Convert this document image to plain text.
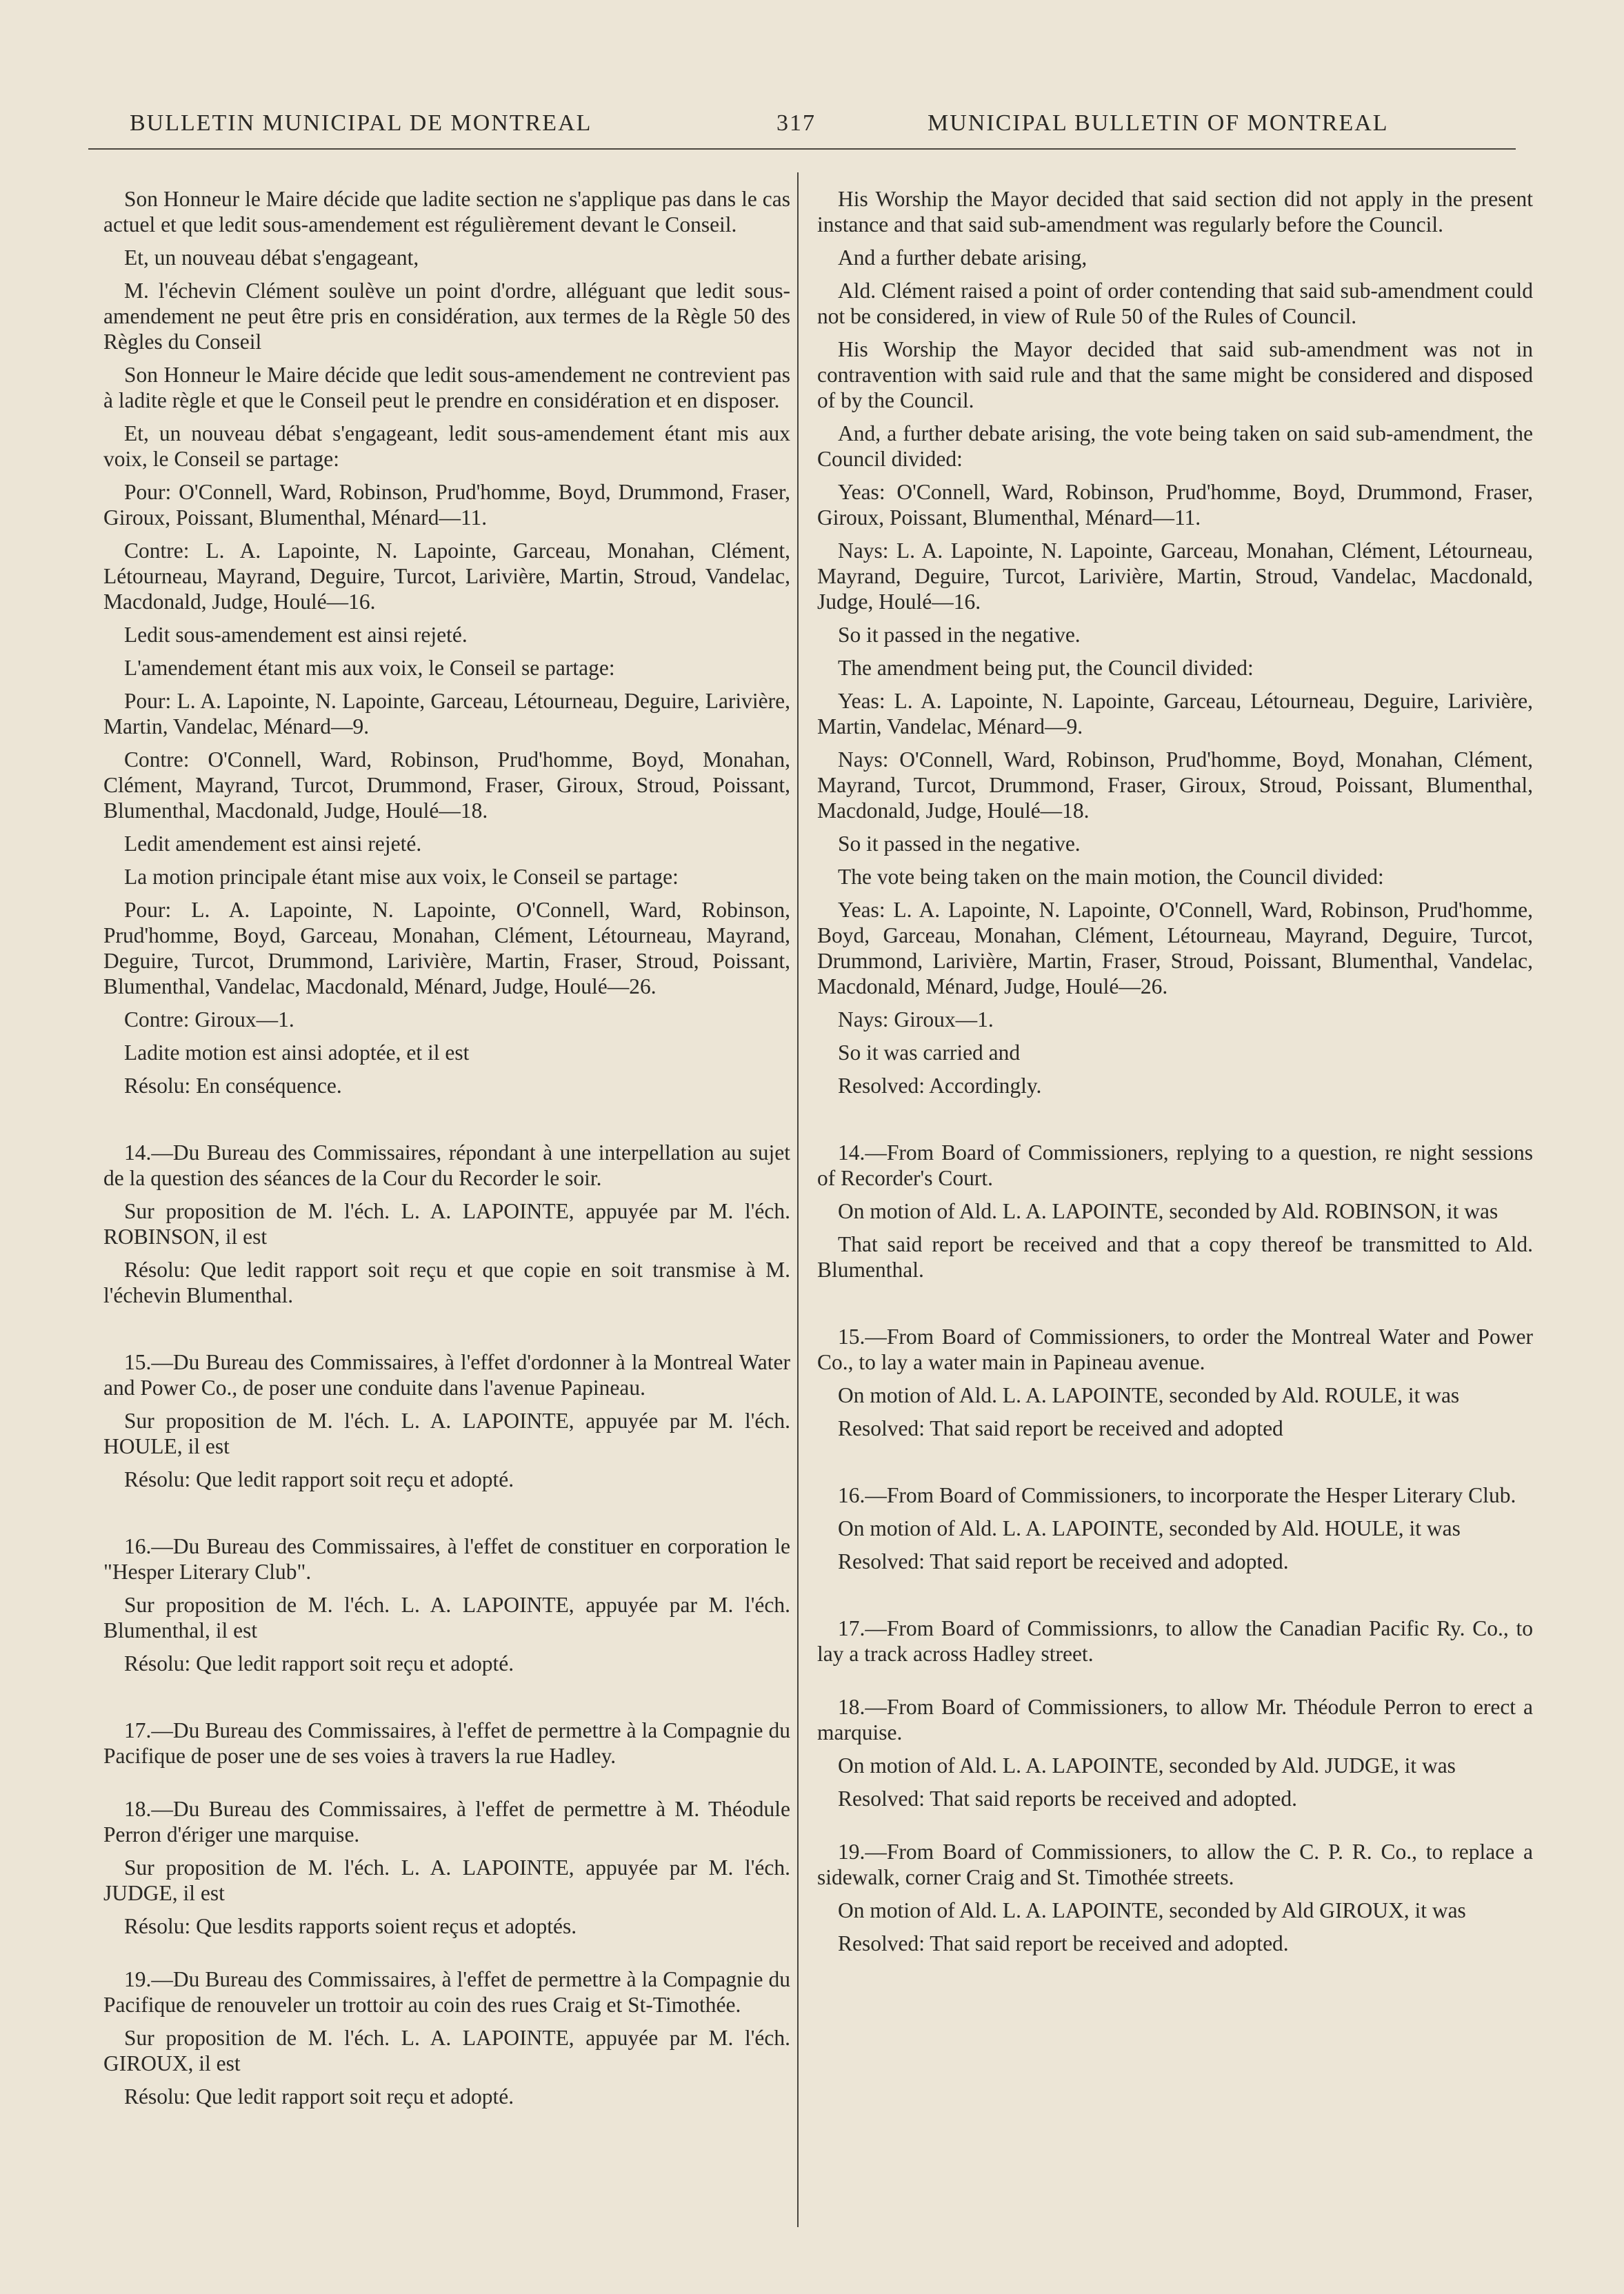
BULLETIN MUNICIPAL DE MONTREAL	317	MUNICIPAL BULLETIN OF MONTREAL

Son Honneur le Maire décide que ladite section ne s'applique pas dans le cas actuel et que ledit sous-amendement est régulièrement devant le Conseil.

Et, un nouveau débat s'engageant,

M. l'échevin Clément soulève un point d'ordre, alléguant que ledit sous-amendement ne peut être pris en considération, aux termes de la Règle 50 des Règles du Conseil

Son Honneur le Maire décide que ledit sous-amendement ne contrevient pas à ladite règle et que le Conseil peut le prendre en considération et en disposer.

Et, un nouveau débat s'engageant, ledit sous-amendement étant mis aux voix, le Conseil se partage:

Pour: O'Connell, Ward, Robinson, Prud'homme, Boyd, Drummond, Fraser, Giroux, Poissant, Blumenthal, Ménard—11.

Contre: L. A. Lapointe, N. Lapointe, Garceau, Monahan, Clément, Létourneau, Mayrand, Deguire, Turcot, Larivière, Martin, Stroud, Vandelac, Macdonald, Judge, Houlé—16.

Ledit sous-amendement est ainsi rejeté.

L'amendement étant mis aux voix, le Conseil se partage:

Pour: L. A. Lapointe, N. Lapointe, Garceau, Létourneau, Deguire, Larivière, Martin, Vandelac, Ménard—9.

Contre: O'Connell, Ward, Robinson, Prud'homme, Boyd, Monahan, Clément, Mayrand, Turcot, Drummond, Fraser, Giroux, Stroud, Poissant, Blumenthal, Macdonald, Judge, Houlé—18.

Ledit amendement est ainsi rejeté.

La motion principale étant mise aux voix, le Conseil se partage:

Pour: L. A. Lapointe, N. Lapointe, O'Connell, Ward, Robinson, Prud'homme, Boyd, Garceau, Monahan, Clément, Létourneau, Mayrand, Deguire, Turcot, Drummond, Larivière, Martin, Fraser, Stroud, Poissant, Blumenthal, Vandelac, Macdonald, Ménard, Judge, Houlé—26.

Contre: Giroux—1.

Ladite motion est ainsi adoptée, et il est

Résolu: En conséquence.

14.—Du Bureau des Commissaires, répondant à une interpellation au sujet de la question des séances de la Cour du Recorder le soir.

Sur proposition de M. l'éch. L. A. LAPOINTE, appuyée par M. l'éch. ROBINSON, il est

Résolu: Que ledit rapport soit reçu et que copie en soit transmise à M. l'échevin Blumenthal.

15.—Du Bureau des Commissaires, à l'effet d'ordonner à la Montreal Water and Power Co., de poser une conduite dans l'avenue Papineau.

Sur proposition de M. l'éch. L. A. LAPOINTE, appuyée par M. l'éch. HOULE, il est

Résolu: Que ledit rapport soit reçu et adopté.

16.—Du Bureau des Commissaires, à l'effet de constituer en corporation le "Hesper Literary Club".

Sur proposition de M. l'éch. L. A. LAPOINTE, appuyée par M. l'éch. Blumenthal, il est

Résolu: Que ledit rapport soit reçu et adopté.

17.—Du Bureau des Commissaires, à l'effet de permettre à la Compagnie du Pacifique de poser une de ses voies à travers la rue Hadley.

18.—Du Bureau des Commissaires, à l'effet de permettre à M. Théodule Perron d'ériger une marquise.

Sur proposition de M. l'éch. L. A. LAPOINTE, appuyée par M. l'éch. JUDGE, il est

Résolu: Que lesdits rapports soient reçus et adoptés.

19.—Du Bureau des Commissaires, à l'effet de permettre à la Compagnie du Pacifique de renouveler un trottoir au coin des rues Craig et St-Timothée.

Sur proposition de M. l'éch. L. A. LAPOINTE, appuyée par M. l'éch. GIROUX, il est

Résolu: Que ledit rapport soit reçu et adopté.

His Worship the Mayor decided that said section did not apply in the present instance and that said sub-amendment was regularly before the Council.

And a further debate arising,

Ald. Clément raised a point of order contending that said sub-amendment could not be considered, in view of Rule 50 of the Rules of Council.

His Worship the Mayor decided that said sub-amendment was not in contravention with said rule and that the same might be considered and disposed of by the Council.

And, a further debate arising, the vote being taken on said sub-amendment, the Council divided:

Yeas: O'Connell, Ward, Robinson, Prud'homme, Boyd, Drummond, Fraser, Giroux, Poissant, Blumenthal, Ménard—11.

Nays: L. A. Lapointe, N. Lapointe, Garceau, Monahan, Clément, Létourneau, Mayrand, Deguire, Turcot, Larivière, Martin, Stroud, Vandelac, Macdonald, Judge, Houlé—16.

So it passed in the negative.

The amendment being put, the Council divided:

Yeas: L. A. Lapointe, N. Lapointe, Garceau, Létourneau, Deguire, Larivière, Martin, Vandelac, Ménard—9.

Nays: O'Connell, Ward, Robinson, Prud'homme, Boyd, Monahan, Clément, Mayrand, Turcot, Drummond, Fraser, Giroux, Stroud, Poissant, Blumenthal, Macdonald, Judge, Houlé—18.

So it passed in the negative.

The vote being taken on the main motion, the Council divided:

Yeas: L. A. Lapointe, N. Lapointe, O'Connell, Ward, Robinson, Prud'homme, Boyd, Garceau, Monahan, Clément, Létourneau, Mayrand, Deguire, Turcot, Drummond, Larivière, Martin, Fraser, Stroud, Poissant, Blumenthal, Vandelac, Macdonald, Ménard, Judge, Houlé—26.

Nays: Giroux—1.

So it was carried and

Resolved: Accordingly.

14.—From Board of Commissioners, replying to a question, re night sessions of Recorder's Court.

On motion of Ald. L. A. LAPOINTE, seconded by Ald. ROBINSON, it was

That said report be received and that a copy thereof be transmitted to Ald. Blumenthal.

15.—From Board of Commissioners, to order the Montreal Water and Power Co., to lay a water main in Papineau avenue.

On motion of Ald. L. A. LAPOINTE, seconded by Ald. ROULE, it was

Resolved: That said report be received and adopted

16.—From Board of Commissioners, to incorporate the Hesper Literary Club.

On motion of Ald. L. A. LAPOINTE, seconded by Ald. HOULE, it was

Resolved: That said report be received and adopted.

17.—From Board of Commissionrs, to allow the Canadian Pacific Ry. Co., to lay a track across Hadley street.

18.—From Board of Commissioners, to allow Mr. Théodule Perron to erect a marquise.

On motion of Ald. L. A. LAPOINTE, seconded by Ald. JUDGE, it was

Resolved: That said reports be received and adopted.

19.—From Board of Commissioners, to allow the C. P. R. Co., to replace a sidewalk, corner Craig and St. Timothée streets.

On motion of Ald. L. A. LAPOINTE, seconded by Ald GIROUX, it was

Resolved: That said report be received and adopted.
